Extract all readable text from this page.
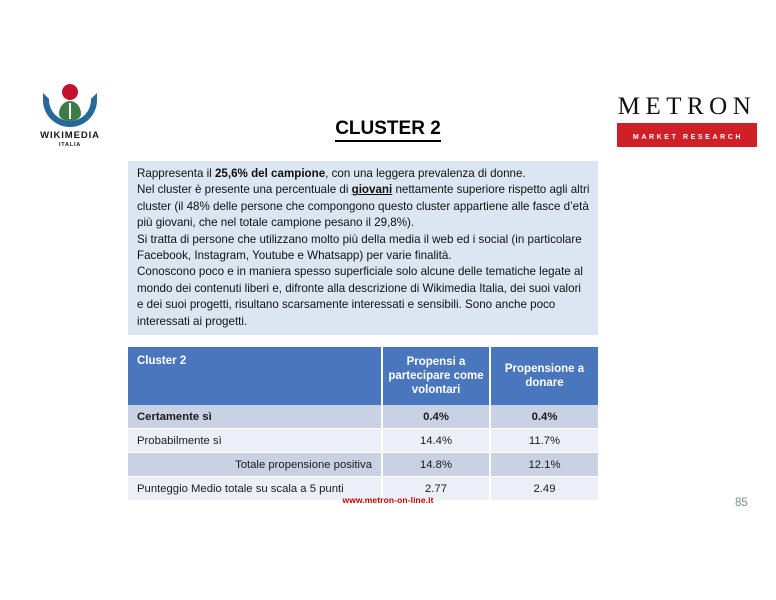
WIKIMEDIA
ITALIA
METRON
MARKET RESEARCH
CLUSTER 2

Rappresenta il 25,6% del campione, con una leggera prevalenza di donne.
Nel cluster è presente una percentuale di giovani nettamente superiore rispetto agli altri cluster (il 48% delle persone che compongono questo cluster appartiene alle fasce d’età più giovani, che nel totale campione pesano il 29,8%).
Si tratta di persone che utilizzano molto più della media il web ed i social (in particolare Facebook, Instagram, Youtube e Whatsapp) per varie finalità.
Conoscono poco e in maniera spesso superficiale solo alcune delle tematiche legate al mondo dei contenuti liberi e, difronte alla descrizione di Wikimedia Italia, dei suoi valori e dei suoi progetti, risultano scarsamente interessati e sensibili. Sono anche poco interessati ai progetti.

Cluster 2	Propensi a partecipare come volontari	Propensione a donare
Certamente sì	0.4%	0.4%
Probabilmente sì	14.4%	11.7%
Totale propensione positiva	14.8%	12.1%
Punteggio Medio totale su scala a 5 punti	2.77	2.49
www.metron-on-line.it	85
